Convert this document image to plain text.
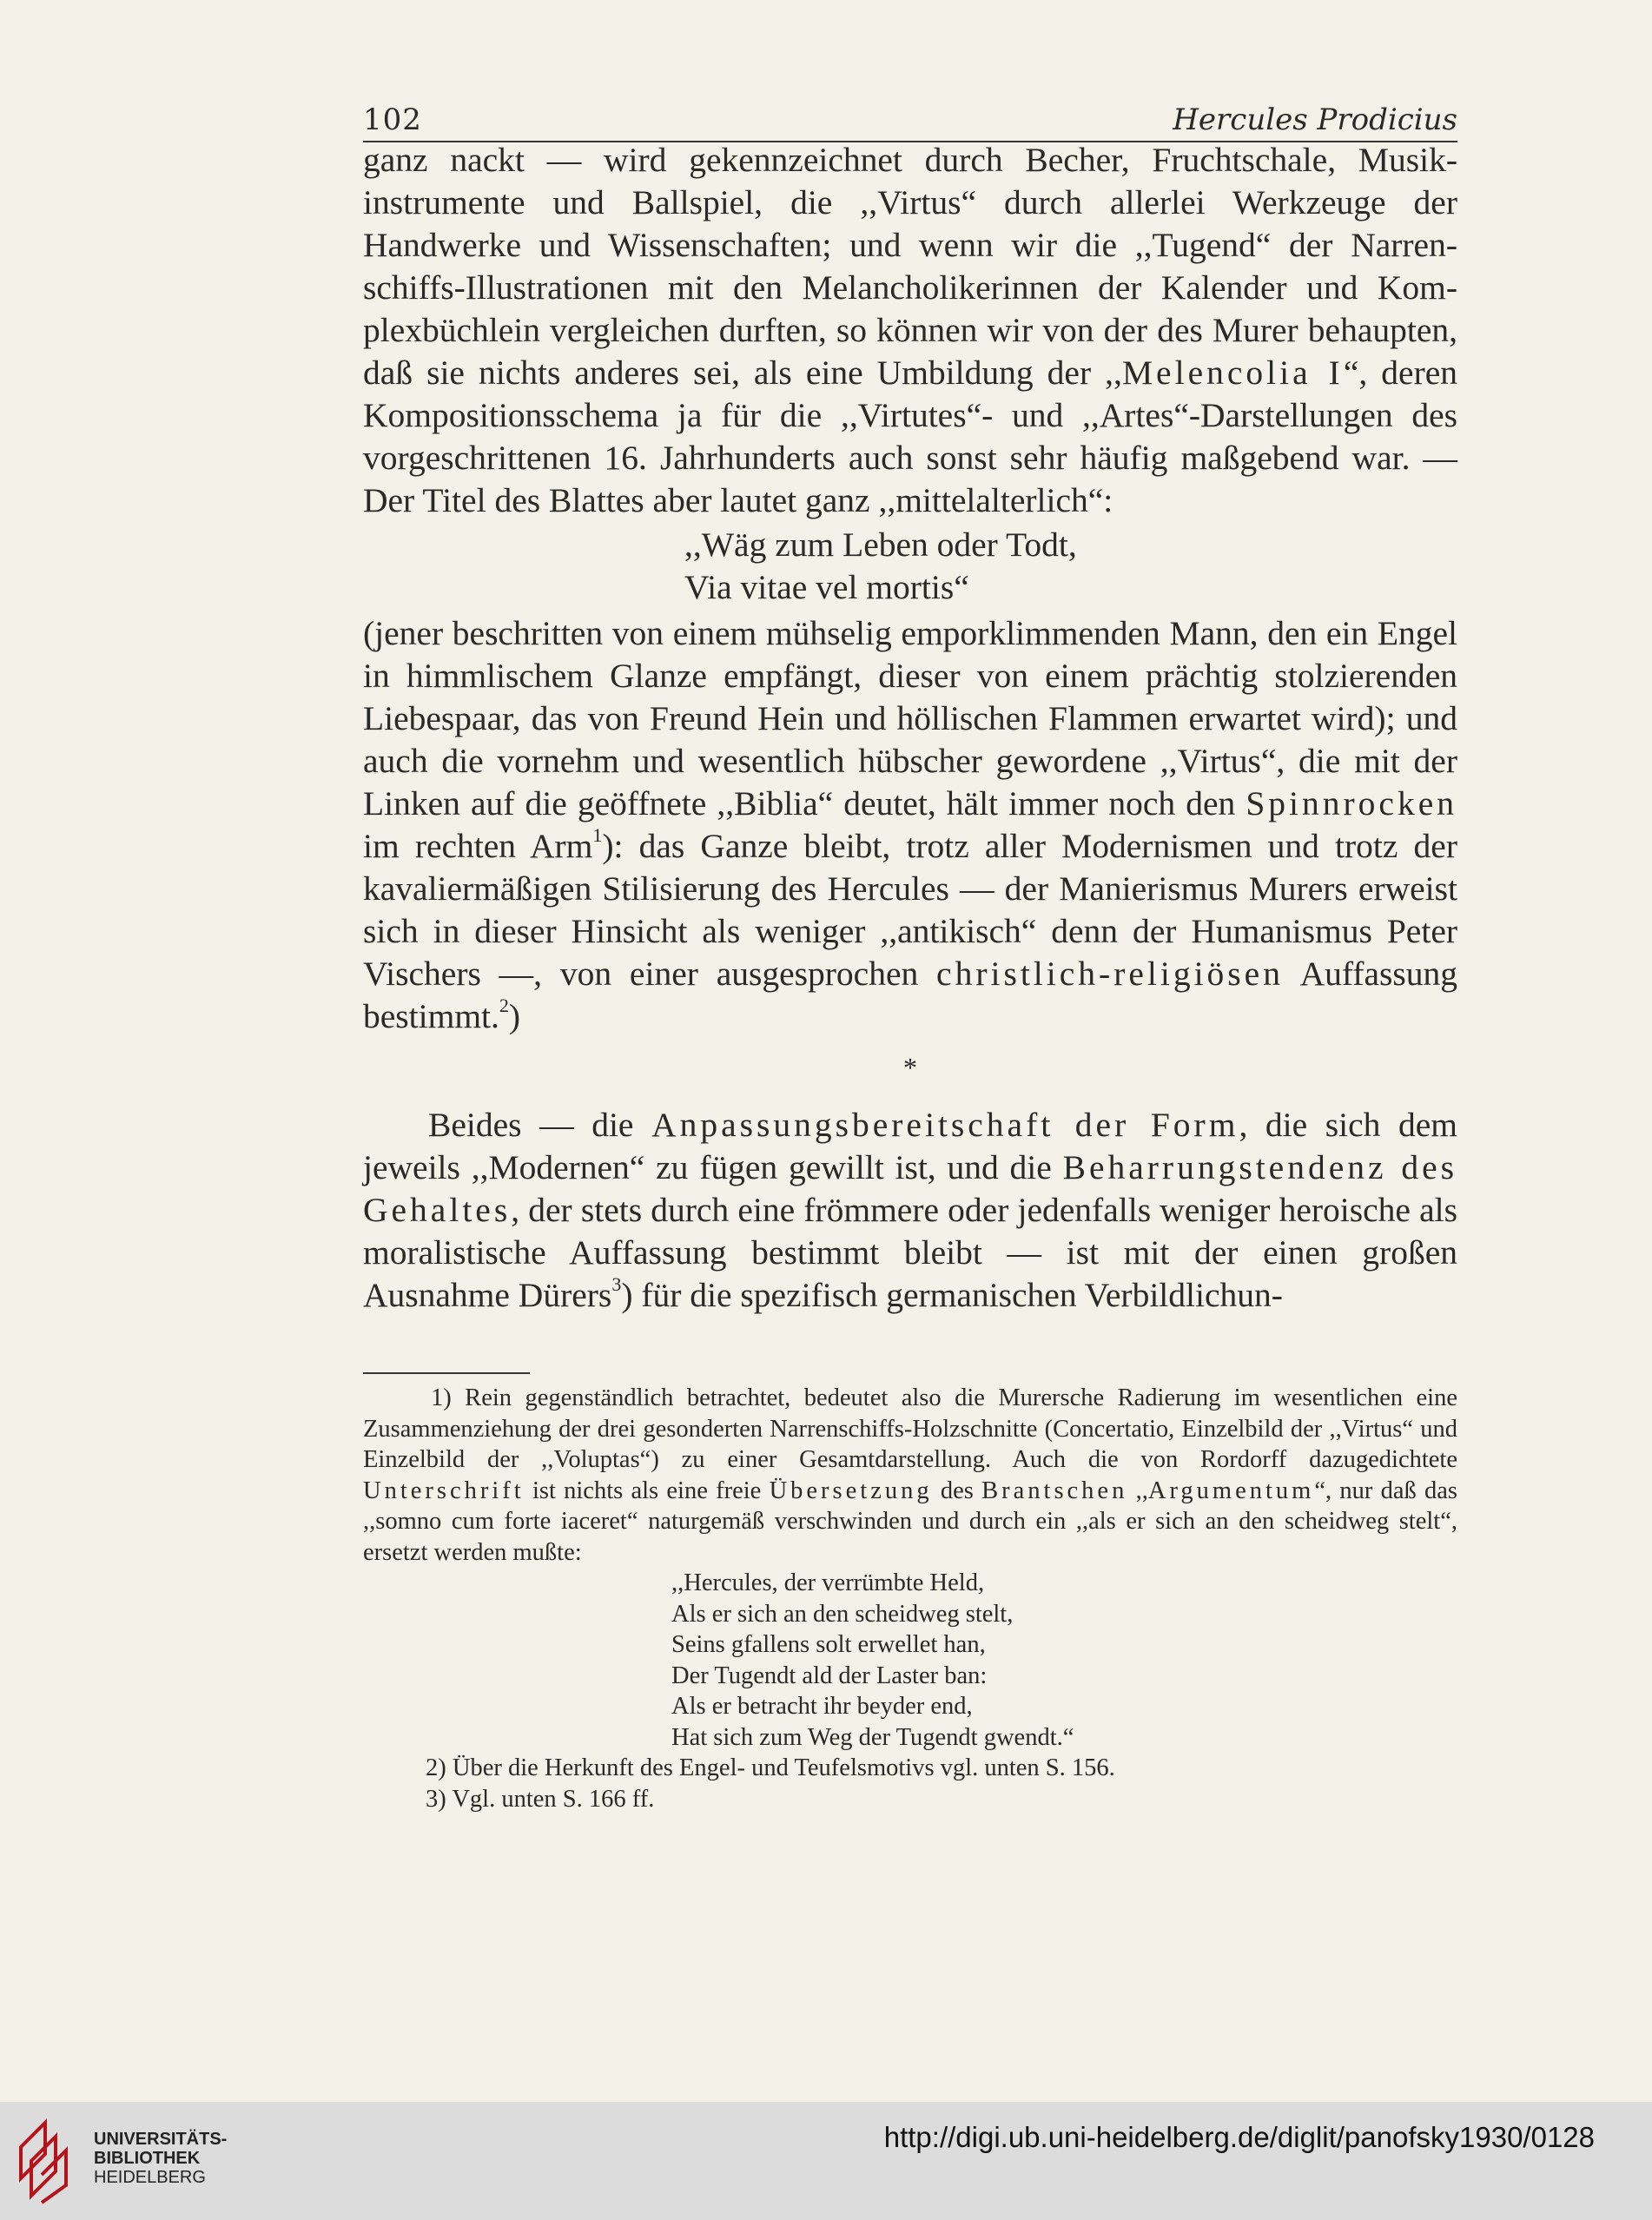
102	Hercules Prodicius

ganz nackt — wird gekennzeichnet durch Becher, Fruchtschale, Musikinstrumente und Ballspiel, die ,,Virtus“ durch allerlei Werkzeuge der Handwerke und Wissenschaften; und wenn wir die ,,Tugend“ der Narrenschiffs-Illustrationen mit den Melancholikerinnen der Kalender und Komplexbüchlein vergleichen durften, so können wir von der des Murer behaupten, daß sie nichts anderes sei, als eine Umbildung der ,,Melencolia I“, deren Kompositionsschema ja für die ,,Virtutes“- und ,,Artes“-Darstellungen des vorgeschrittenen 16. Jahrhunderts auch sonst sehr häufig maßgebend war. — Der Titel des Blattes aber lautet ganz ,,mittelalterlich“:

,,Wäg zum Leben oder Todt,
Via vitae vel mortis“

(jener beschritten von einem mühselig emporklimmenden Mann, den ein Engel in himmlischem Glanze empfängt, dieser von einem prächtig stolzierenden Liebespaar, das von Freund Hein und höllischen Flammen erwartet wird); und auch die vornehm und wesentlich hübscher gewordene ,,Virtus“, die mit der Linken auf die geöffnete ,,Biblia“ deutet, hält immer noch den Spinnrocken im rechten Arm$^1$): das Ganze bleibt, trotz aller Modernismen und trotz der kavaliermäßigen Stilisierung des Hercules — der Manierismus Murers erweist sich in dieser Hinsicht als weniger ,,antikisch“ denn der Humanismus Peter Vischers —, von einer ausgesprochen christlich-religiösen Auffassung bestimmt.$^2$)

*

Beides — die Anpassungsbereitschaft der Form, die sich dem jeweils ,,Modernen“ zu fügen gewillt ist, und die Beharrungstendenz des Gehaltes, der stets durch eine frömmere oder jedenfalls weniger heroische als moralistische Auffassung bestimmt bleibt — ist mit der einen großen Ausnahme Dürers$^3$) für die spezifisch germanischen Verbildlichun-

1) Rein gegenständlich betrachtet, bedeutet also die Murersche Radierung im wesentlichen eine Zusammenziehung der drei gesonderten Narrenschiffs-Holzschnitte (Concertatio, Einzelbild der ,,Virtus“ und Einzelbild der ,,Voluptas“) zu einer Gesamtdarstellung. Auch die von Rordorff dazugedichtete Unterschrift ist nichts als eine freie Übersetzung des Brantschen ,,Argumentum“, nur daß das ,,somno cum forte iaceret“ naturgemäß verschwinden und durch ein ,,als er sich an den scheidweg stelt“, ersetzt werden mußte:

,,Hercules, der verrümbte Held,
Als er sich an den scheidweg stelt,
Seins gfallens solt erwellet han,
Der Tugendt ald der Laster ban:
Als er betracht ihr beyder end,
Hat sich zum Weg der Tugendt gwendt.“

2) Über die Herkunft des Engel- und Teufelsmotivs vgl. unten S. 156.

3) Vgl. unten S. 166 ff.

UNIVERSITÄTS-
BIBLIOTHEK
HEIDELBERG
http://digi.ub.uni-heidelberg.de/diglit/panofsky1930/0128
